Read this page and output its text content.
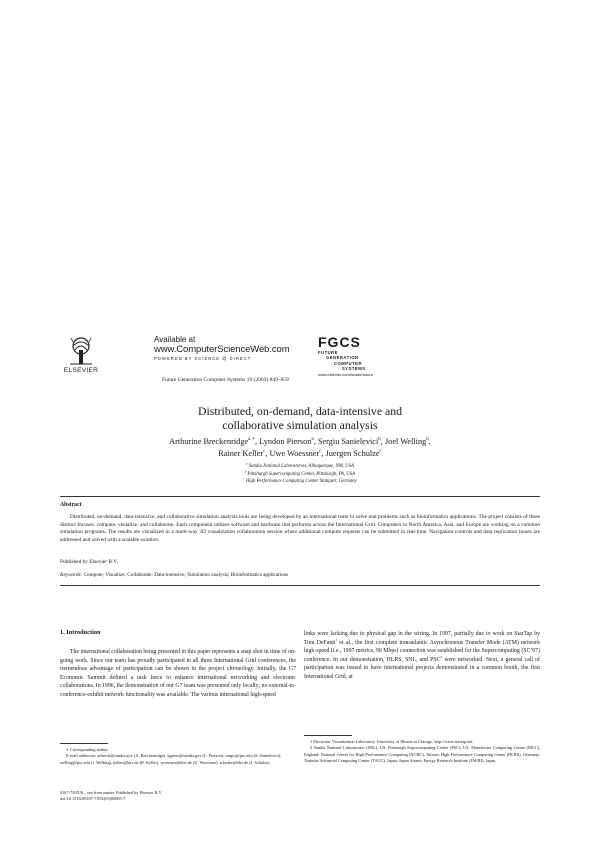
ELSEVIER
Available at
www.ComputerScienceWeb.com
POWERED BY SCIENCE @ DIRECT
Future Generation Computer Systems 19 (2003) 849–859
FGCS
FUTURE
GENERATION
COMPUTER
SYSTEMS
www.elsevier.com/locate/future
Distributed, on-demand, data-intensive and
collaborative simulation analysis
Arthurine Breckenridge$^{a,∗}$, Lyndon Pierson$^a$, Sergiu Sanielevici$^b$, Joel Welling$^b$,
Rainer Keller$^c$, Uwe Woessner$^c$, Juergen Schulze$^c$
$^a$ Sandia National Laboratories, Albuquerque, NM, USA
$^b$ Pittsburgh Supercomputing Center, Pittsburgh, PA, USA
$^c$ High Performance Computing Center Stuttgart, Germany
Abstract
Distributed, on-demand, data-intensive, and collaborative simulation analysis tools are being developed by an international team to solve real problems such as bioinformatics applications. The project consists of three distinct focuses: compute, visualize, and collaborate. Each component utilizes software and hardware that performs across the International Grid. Computers in North America, Asia, and Europe are working on a common simulation programs. The results are visualized in a multi-way 3D visualization collaboration session where additional compute requests can be submitted in real-time. Navigation controls and data replication issues are addressed and solved with a scalable solution.
Published by Elsevier B.V.
Keywords: Compute; Visualize; Collaborate; Data-intensive; Simulation analysis; Bioinformatics applications
1. Introduction
The international collaboration being presented in this paper represents a snap shot in time of on-going work. Since our team has proudly participated in all three International Grid conferences, the tremendous advantage of participation can be shown in the project chronology. Initially, the G7 Economic Summit defined a task force to enhance international networking and electronic collaborations. In 1996, the demonstration of our G7 team was presented only locally; no external-to-conference-exhibit network functionality was available. The various international high-speed
links were lacking due to physical gap in the wiring. In 1997, partially due to work on StarTap by Tom DeFanti$^1$ et al., the first complete transatlantic Asynchronous Transfer Mode (ATM) network high-speed (i.e., 1997 metrics, 90 Mbps) connection was established for the Supercomputing (SC’97) conference. In our demonstration, HLRS, SNL, and PSC$^2$ were networked. Next, a general call of participation was issued to have international projects demonstrated in a common booth, the first International Grid, at
∗ Corresponding author.
E-mail addresses: arbreck@sandia.gov (A. Breckenridge), lgpiers@sandia.gov (L. Pierson), sergiu@psc.edu (S. Sanielevici), welling@psc.edu (J. Welling), keller@hlrs.de (R. Keller), woessner@hlrs.de (U. Woessner), schulze@hlrs.de (J. Schulze).
0167-739X/$ – see front matter. Published by Elsevier B.V.
doi:10.1016/S0167-739X(03)00065-7
1 Electronic Visualization Laboratory, University of Illinois at Chicago, http://www.startap.net.
2 Sandia National Laboratories (SNL), US; Pittsburgh Supercomputing Center (PSC), US; Manchester Computing Centre (MCC), England; National Center for High-Performance Computing (NCHC), Taiwan; High Performance Computing Center (HLRS), Germany; Tsukuba Advanced Computing Center (TACC), Japan; Japan Atomic Energy Research Institute (JAERI), Japan.
